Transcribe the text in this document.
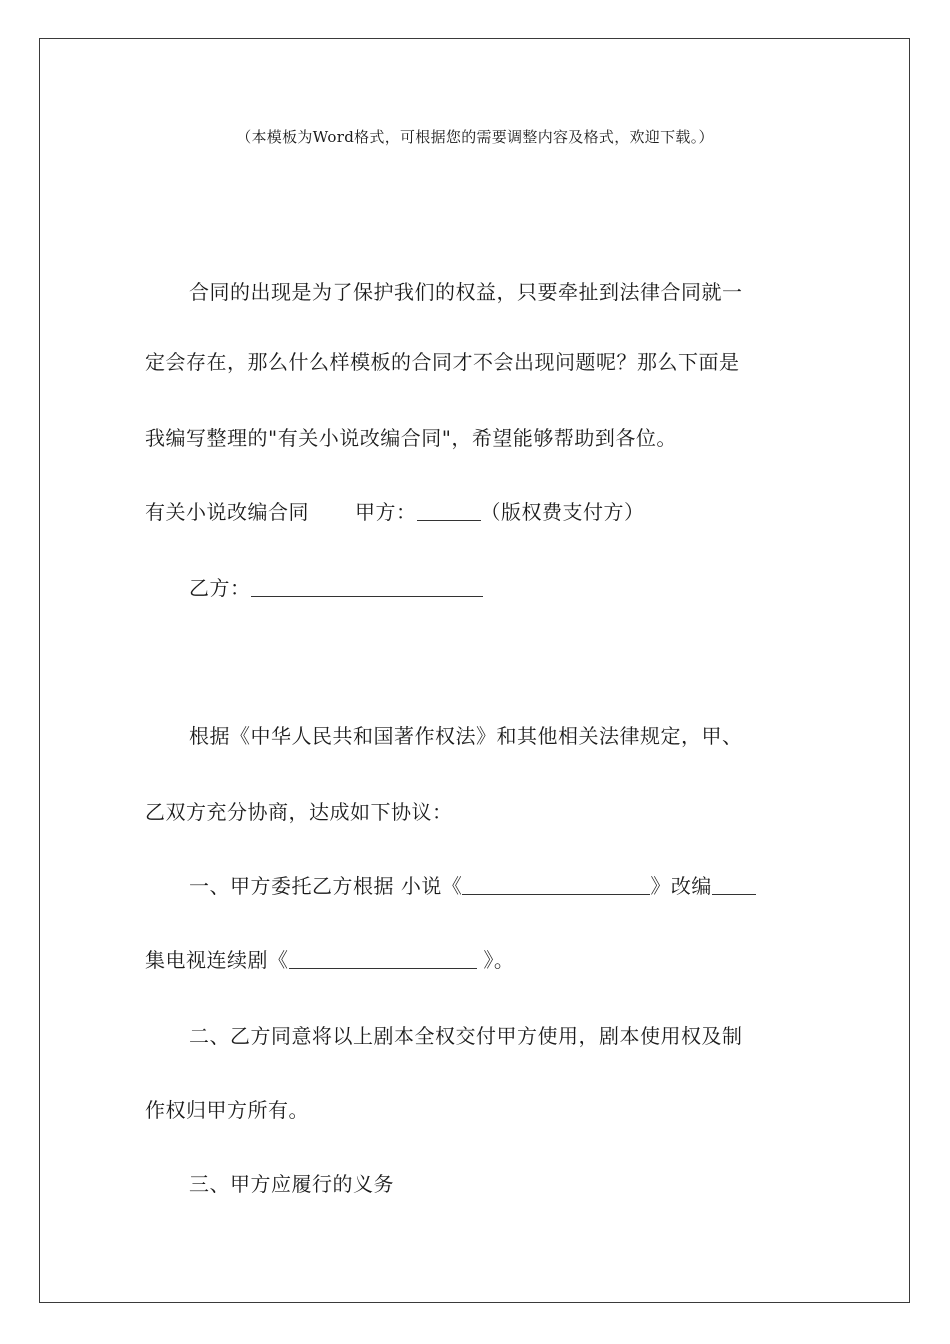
（本模板为Word格式，可根据您的需要调整内容及格式，欢迎下载。）
合同的出现是为了保护我们的权益，只要牵扯到法律合同就一
定会存在，那么什么样模板的合同才不会出现问题呢？那么下面是
我编写整理的"有关小说改编合同"，希望能够帮助到各位。
有关小说改编合同 甲方：	（版权费支付方）
乙方：
根据《中华人民共和国著作权法》和其他相关法律规定，甲、
乙双方充分协商，达成如下协议：
一、甲方委托乙方根据 小说《	》改编
集电视连续剧《	》。
二、乙方同意将以上剧本全权交付甲方使用，剧本使用权及制
作权归甲方所有。
三、甲方应履行的义务
